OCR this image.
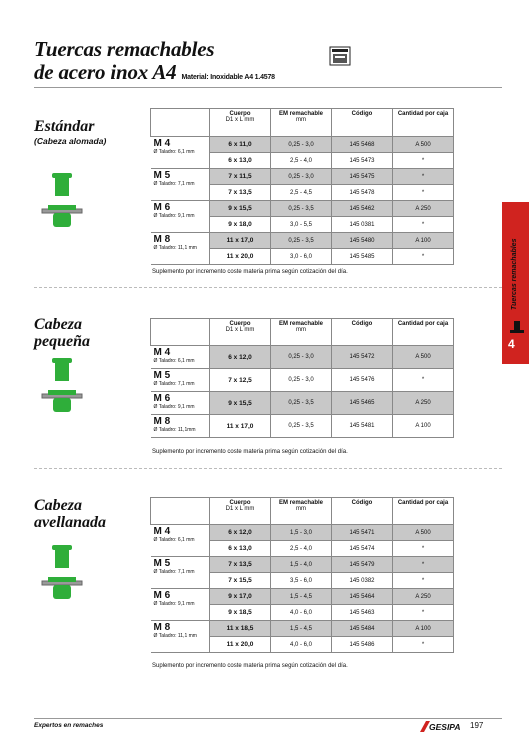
Tuercas remachables
de acero inox A4 Material: Inoxidable A4 1.4578
4
Tuercas remachables
Estándar
(Cabeza alomada)
	Cuerpo
D1 x L mm	EM remachable
mm	Código	Cantidad por caja

M 4
Ø Taladro: 6,1 mm	6 x 11,0	0,25 - 3,0	145 5468	A 500
	6 x 13,0	2,5 - 4,0	145 5473	*

M 5
Ø Taladro: 7,1 mm	7 x 11,5	0,25 - 3,0	145 5475	*
	7 x 13,5	2,5 - 4,5	145 5478	*

M 6
Ø Taladro: 9,1 mm	9 x 15,5	0,25 - 3,5	145 5462	A 250
	9 x 18,0	3,0 - 5,5	145 0381	*

M 8
Ø Taladro: 11,1 mm	11 x 17,0	0,25 - 3,5	145 5480	A 100
	11 x 20,0	3,0 - 6,0	145 5485	*
Suplemento por incremento coste materia prima según cotización del día.
Cabeza pequeña
	Cuerpo
D1 x L mm	EM remachable
mm	Código	Cantidad por caja

M 4
Ø Taladro: 6,1 mm	6 x 12,0	0,25 - 3,0	145 5472	A 500

M 5
Ø Taladro: 7,1 mm	7 x 12,5	0,25 - 3,0	145 5476	*

M 6
Ø Taladro: 9,1 mm	9 x 15,5	0,25 - 3,5	145 5465	A 250

M 8
Ø Taladro: 11,1mm	11 x 17,0	0,25 - 3,5	145 5481	A 100
Suplemento por incremento coste materia prima según cotización del día.
Cabeza avellanada
	Cuerpo
D1 x L mm	EM remachable
mm	Código	Cantidad por caja

M 4
Ø Taladro: 6,1 mm	6 x 12,0	1,5 - 3,0	145 5471	A 500
	6 x 13,0	2,5 - 4,0	145 5474	*

M 5
Ø Taladro: 7,1 mm	7 x 13,5	1,5 - 4,0	145 5479	*
	7 x 15,5	3,5 - 6,0	145 0382	*

M 6
Ø Taladro: 9,1 mm	9 x 17,0	1,5 - 4,5	145 5464	A 250
	9 x 18,5	4,0 - 6,0	145 5463	*

M 8
Ø Taladro: 11,1 mm	11 x 18,5	1,5 - 4,5	145 5484	A 100
	11 x 20,0	4,0 - 6,0	145 5486	*
Suplemento por incremento coste materia prima según cotización del día.
Expertos en remaches	GESIPA 197
